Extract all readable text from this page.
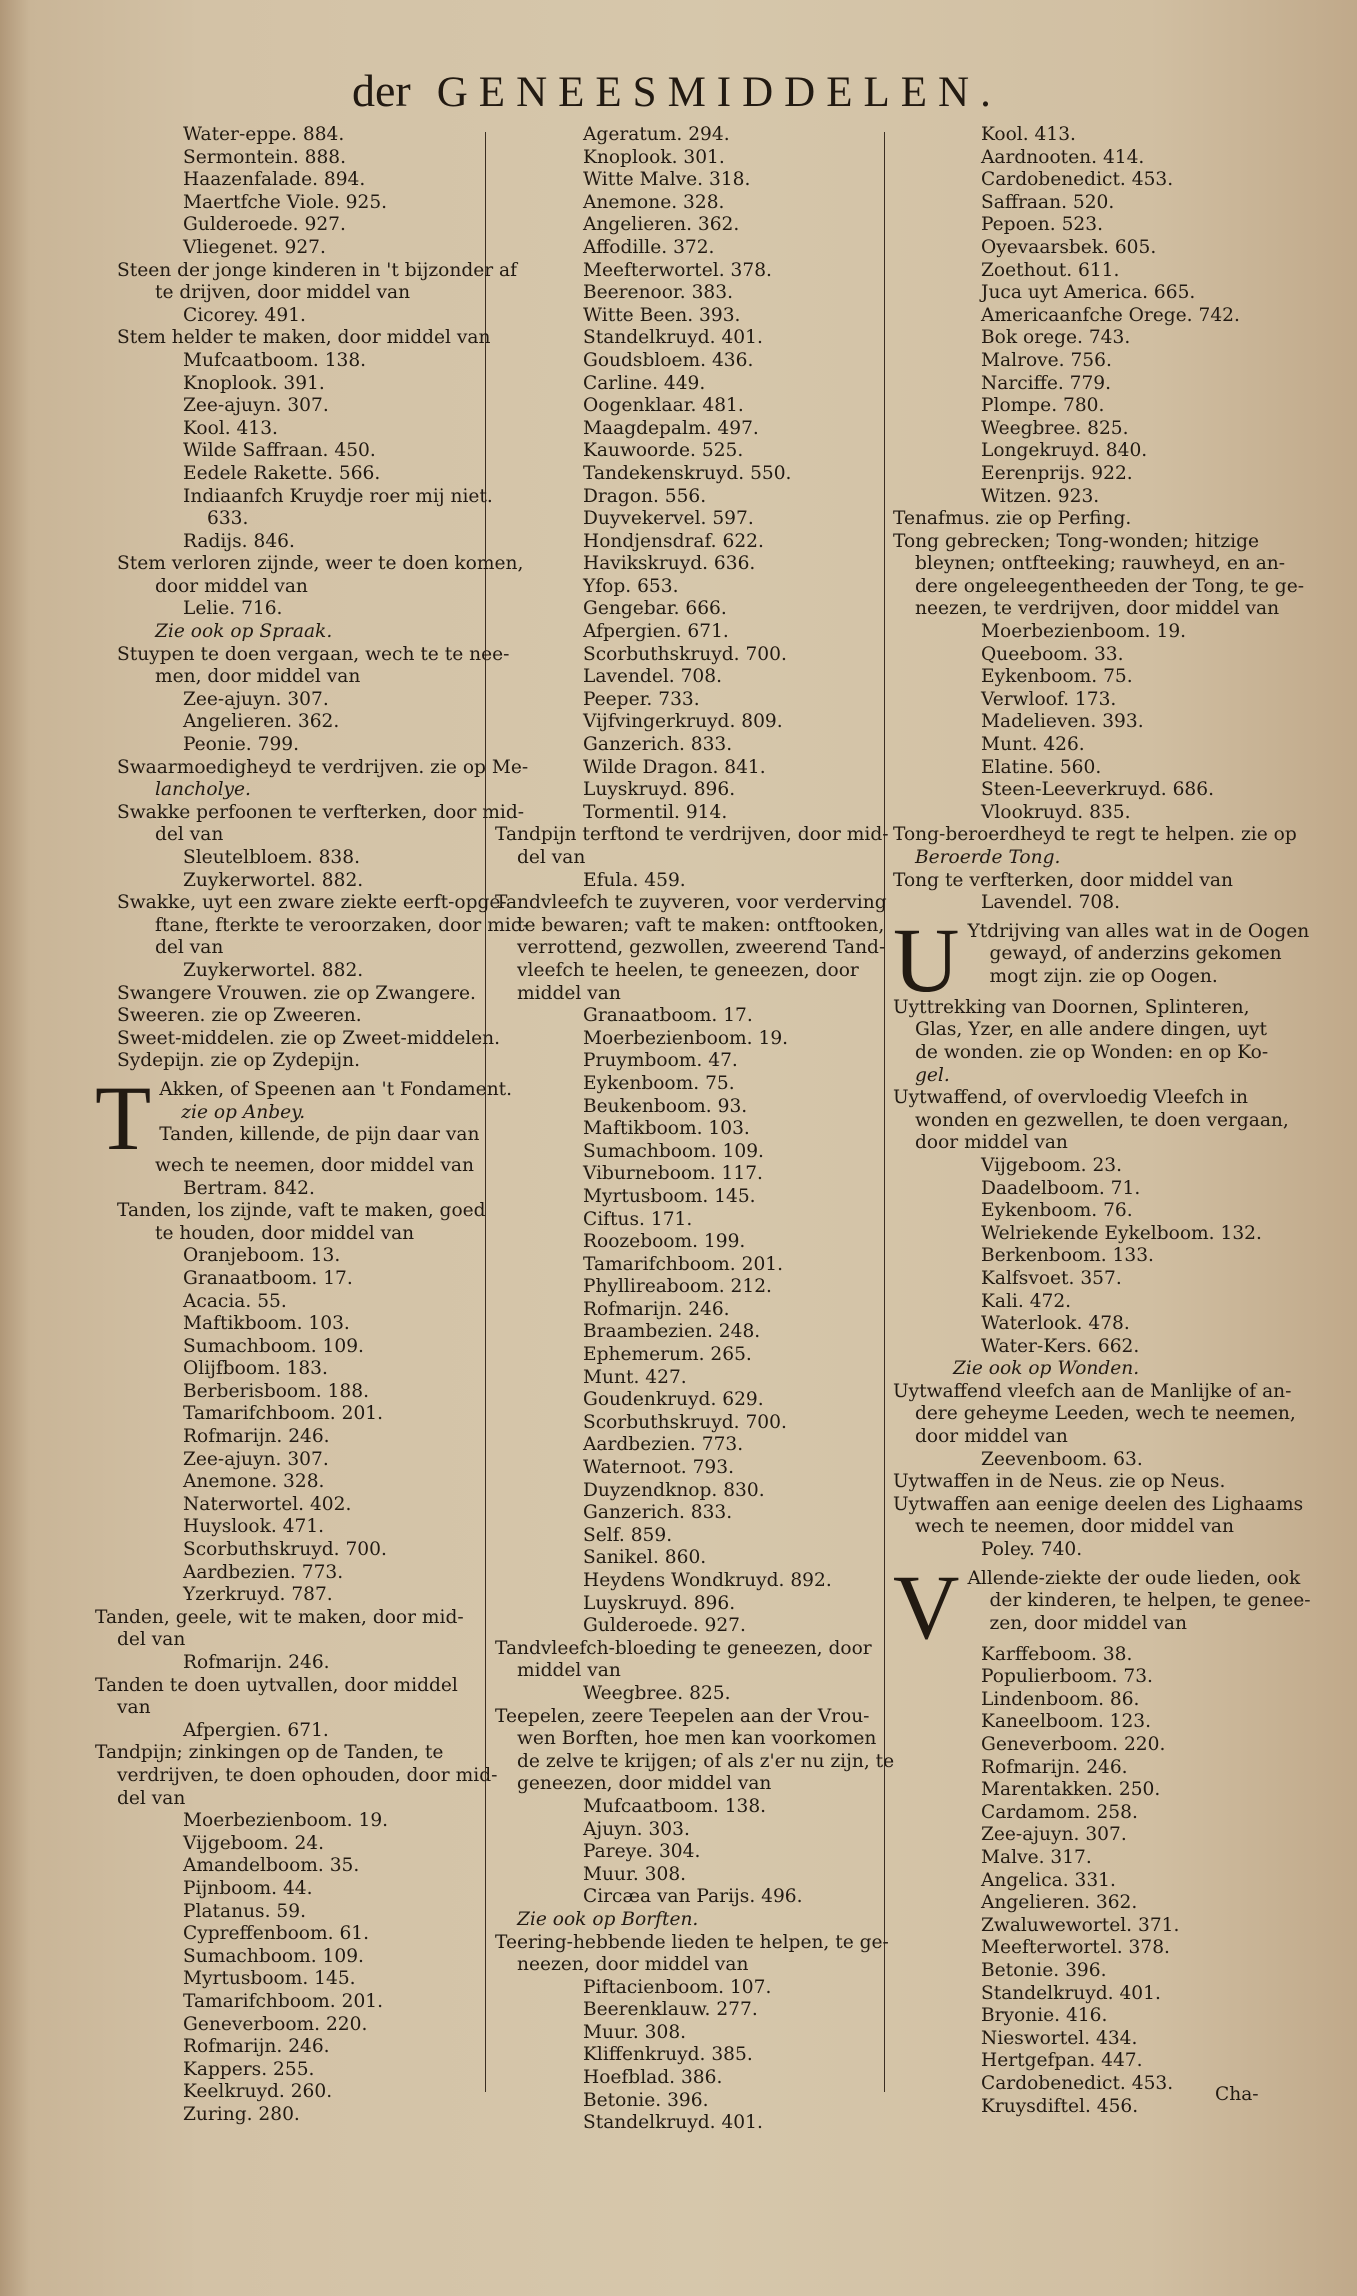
der GENEESMIDDELEN.
Water-eppe. 884.
Sermontein. 888.
Haazenfalade. 894.
Maertfche Viole. 925.
Gulderoede. 927.
Vliegenet. 927.
Steen der jonge kinderen in 't bijzonder af
te drijven, door middel van
Cicorey. 491.
Stem helder te maken, door middel van
Mufcaatboom. 138.
Knoplook. 391.
Zee-ajuyn. 307.
Kool. 413.
Wilde Saffraan. 450.
Eedele Rakette. 566.
Indiaanfch Kruydje roer mij niet.
633.
Radijs. 846.
Stem verloren zijnde, weer te doen komen,
door middel van
Lelie. 716.
Zie ook op Spraak.
Stuypen te doen vergaan, wech te te nee-
men, door middel van
Zee-ajuyn. 307.
Angelieren. 362.
Peonie. 799.
Swaarmoedigheyd te verdrijven. zie op Me-
lancholye.
Swakke perfoonen te verfterken, door mid-
del van
Sleutelbloem. 838.
Zuykerwortel. 882.
Swakke, uyt een zware ziekte eerft-opge-
ftane, fterkte te veroorzaken, door mid-
del van
Zuykerwortel. 882.
Swangere Vrouwen. zie op Zwangere.
Sweeren. zie op Zweeren.
Sweet-middelen. zie op Zweet-middelen.
Sydepijn. zie op Zydepijn.
T Akken, of Speenen aan 't Fondament.
zie op Anbey.
Tanden, killende, de pijn daar van
wech te neemen, door middel van
Bertram. 842.
Tanden, los zijnde, vaft te maken, goed
te houden, door middel van
Oranjeboom. 13.
Granaatboom. 17.
Acacia. 55.
Maftikboom. 103.
Sumachboom. 109.
Olijfboom. 183.
Berberisboom. 188.
Tamarifchboom. 201.
Rofmarijn. 246.
Zee-ajuyn. 307.
Anemone. 328.
Naterwortel. 402.
Huyslook. 471.
Scorbuthskruyd. 700.
Aardbezien. 773.
Yzerkruyd. 787.
Tanden, geele, wit te maken, door mid-
del van
Rofmarijn. 246.
Tanden te doen uytvallen, door middel
van
Afpergien. 671.
Tandpijn; zinkingen op de Tanden, te
verdrijven, te doen ophouden, door mid-
del van
Moerbezienboom. 19.
Vijgeboom. 24.
Amandelboom. 35.
Pijnboom. 44.
Platanus. 59.
Cypreffenboom. 61.
Sumachboom. 109.
Myrtusboom. 145.
Tamarifchboom. 201.
Geneverboom. 220.
Rofmarijn. 246.
Kappers. 255.
Keelkruyd. 260.
Zuring. 280.
Ageratum. 294.
Knoplook. 301.
Witte Malve. 318.
Anemone. 328.
Angelieren. 362.
Affodille. 372.
Meefterwortel. 378.
Beerenoor. 383.
Witte Been. 393.
Standelkruyd. 401.
Goudsbloem. 436.
Carline. 449.
Oogenklaar. 481.
Maagdepalm. 497.
Kauwoorde. 525.
Tandekenskruyd. 550.
Dragon. 556.
Duyvekervel. 597.
Hondjensdraf. 622.
Havikskruyd. 636.
Yfop. 653.
Gengebar. 666.
Afpergien. 671.
Scorbuthskruyd. 700.
Lavendel. 708.
Peeper. 733.
Vijfvingerkruyd. 809.
Ganzerich. 833.
Wilde Dragon. 841.
Luyskruyd. 896.
Tormentil. 914.
Tandpijn terftond te verdrijven, door mid-
del van
Efula. 459.
Tandvleefch te zuyveren, voor verderving
te bewaren; vaft te maken: ontftooken,
verrottend, gezwollen, zweerend Tand-
vleefch te heelen, te geneezen, door
middel van
Granaatboom. 17.
Moerbezienboom. 19.
Pruymboom. 47.
Eykenboom. 75.
Beukenboom. 93.
Maftikboom. 103.
Sumachboom. 109.
Viburneboom. 117.
Myrtusboom. 145.
Ciftus. 171.
Roozeboom. 199.
Tamarifchboom. 201.
Phyllireaboom. 212.
Rofmarijn. 246.
Braambezien. 248.
Ephemerum. 265.
Munt. 427.
Goudenkruyd. 629.
Scorbuthskruyd. 700.
Aardbezien. 773.
Waternoot. 793.
Duyzendknop. 830.
Ganzerich. 833.
Self. 859.
Sanikel. 860.
Heydens Wondkruyd. 892.
Luyskruyd. 896.
Gulderoede. 927.
Tandvleefch-bloeding te geneezen, door
middel van
Weegbree. 825.
Teepelen, zeere Teepelen aan der Vrou-
wen Borften, hoe men kan voorkomen
de zelve te krijgen; of als z'er nu zijn, te
geneezen, door middel van
Mufcaatboom. 138.
Ajuyn. 303.
Pareye. 304.
Muur. 308.
Circæa van Parijs. 496.
Zie ook op Borften.
Teering-hebbende lieden te helpen, te ge-
neezen, door middel van
Piftacienboom. 107.
Beerenklauw. 277.
Muur. 308.
Kliffenkruyd. 385.
Hoefblad. 386.
Betonie. 396.
Standelkruyd. 401.
Kool. 413.
Aardnooten. 414.
Cardobenedict. 453.
Saffraan. 520.
Pepoen. 523.
Oyevaarsbek. 605.
Zoethout. 611.
Juca uyt America. 665.
Americaanfche Orege. 742.
Bok orege. 743.
Malrove. 756.
Narciffe. 779.
Plompe. 780.
Weegbree. 825.
Longekruyd. 840.
Eerenprijs. 922.
Witzen. 923.
Tenafmus. zie op Perfing.
Tong gebrecken; Tong-wonden; hitzige
bleynen; ontfteeking; rauwheyd, en an-
dere ongeleegentheeden der Tong, te ge-
neezen, te verdrijven, door middel van
Moerbezienboom. 19.
Queeboom. 33.
Eykenboom. 75.
Verwloof. 173.
Madelieven. 393.
Munt. 426.
Elatine. 560.
Steen-Leeverkruyd. 686.
Vlookruyd. 835.
Tong-beroerdheyd te regt te helpen. zie op
Beroerde Tong.
Tong te verfterken, door middel van
Lavendel. 708.
U Ytdrijving van alles wat in de Oogen
gewayd, of anderzins gekomen
mogt zijn. zie op Oogen.
Uyttrekking van Doornen, Splinteren,
Glas, Yzer, en alle andere dingen, uyt
de wonden. zie op Wonden: en op Ko-
gel.
Uytwaffend, of overvloedig Vleefch in
wonden en gezwellen, te doen vergaan,
door middel van
Vijgeboom. 23.
Daadelboom. 71.
Eykenboom. 76.
Welriekende Eykelboom. 132.
Berkenboom. 133.
Kalfsvoet. 357.
Kali. 472.
Waterlook. 478.
Water-Kers. 662.
Zie ook op Wonden.
Uytwaffend vleefch aan de Manlijke of an-
dere geheyme Leeden, wech te neemen,
door middel van
Zeevenboom. 63.
Uytwaffen in de Neus. zie op Neus.
Uytwaffen aan eenige deelen des Lighaams
wech te neemen, door middel van
Poley. 740.
V Allende-ziekte der oude lieden, ook
der kinderen, te helpen, te genee-
zen, door middel van
Karffeboom. 38.
Populierboom. 73.
Lindenboom. 86.
Kaneelboom. 123.
Geneverboom. 220.
Rofmarijn. 246.
Marentakken. 250.
Cardamom. 258.
Zee-ajuyn. 307.
Malve. 317.
Angelica. 331.
Angelieren. 362.
Zwaluwewortel. 371.
Meefterwortel. 378.
Betonie. 396.
Standelkruyd. 401.
Bryonie. 416.
Nieswortel. 434.
Hertgefpan. 447.
Cardobenedict. 453.
Kruysdiftel. 456.
Cha-
